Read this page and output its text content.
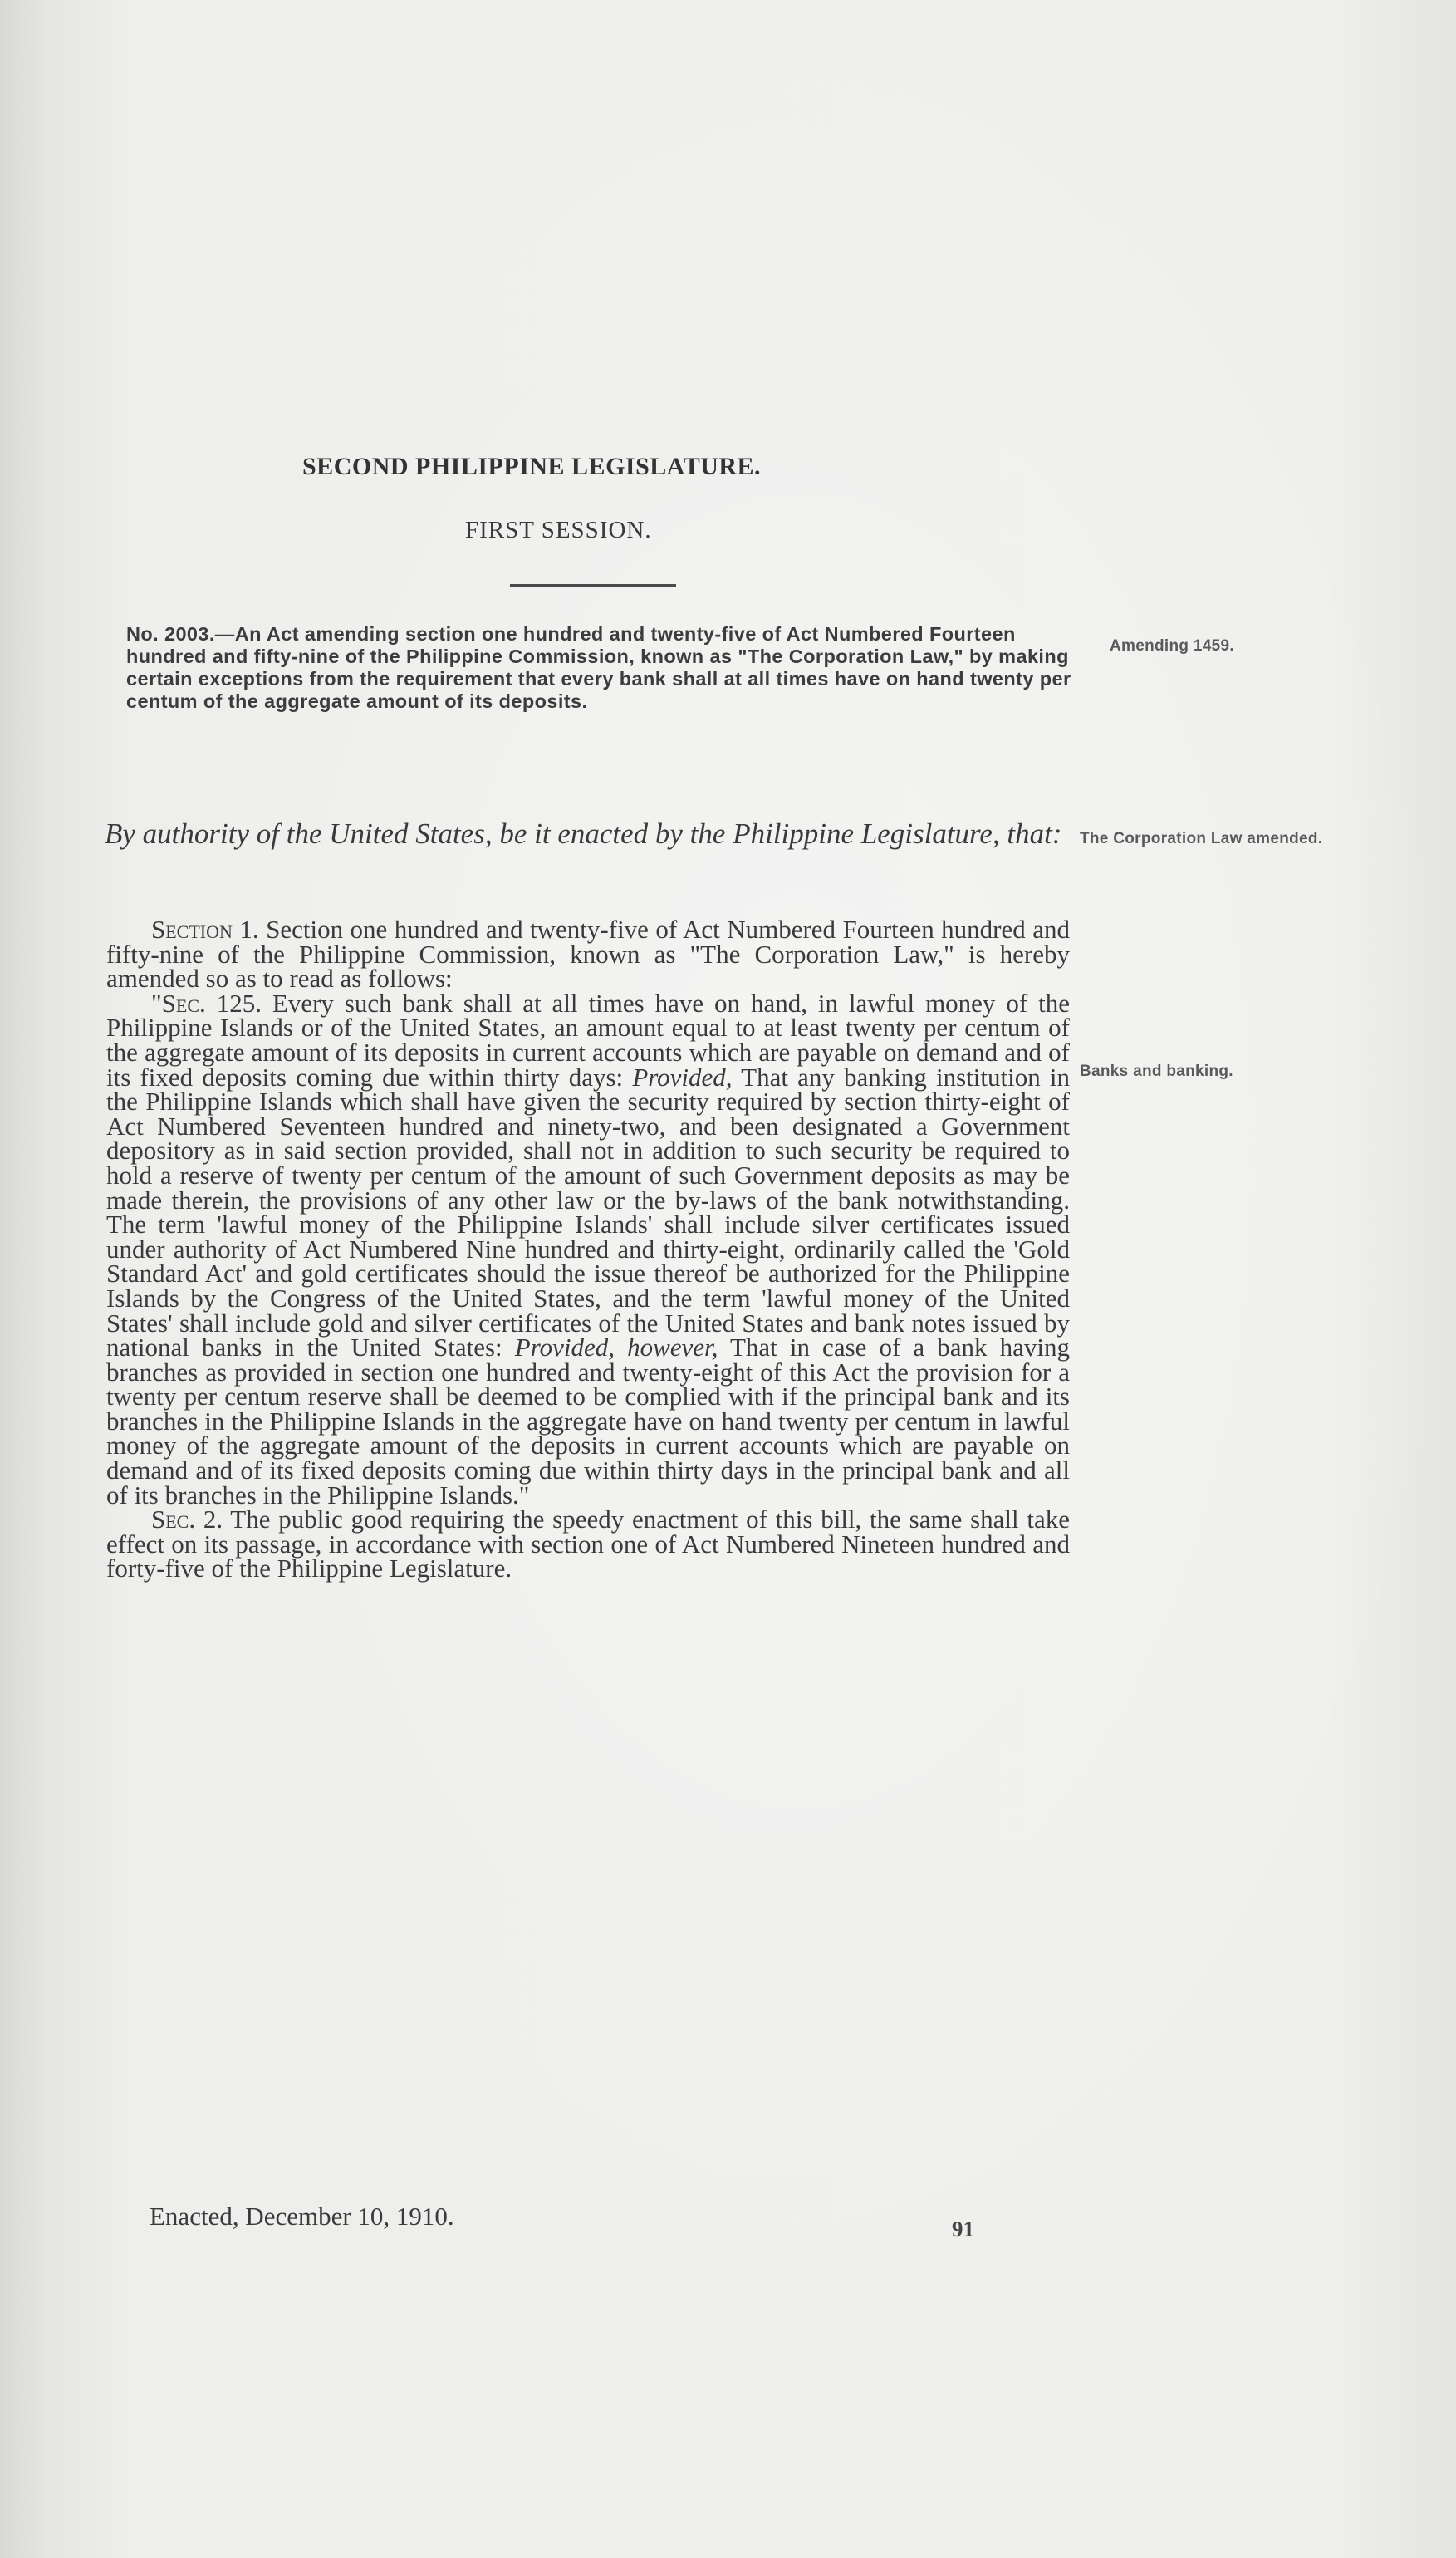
SECOND PHILIPPINE LEGISLATURE.
FIRST SESSION.
No. 2003.—An Act amending section one hundred and twenty-five of Act Numbered Fourteen hundred and fifty-nine of the Philippine Commission, known as "The Corporation Law," by making certain exceptions from the requirement that every bank shall at all times have on hand twenty per centum of the aggregate amount of its deposits.
By authority of the United States, be it enacted by the Philippine Legislature, that:

Section 1. Section one hundred and twenty-five of Act Numbered Fourteen hundred and fifty-nine of the Philippine Commission, known as "The Corporation Law," is hereby amended so as to read as follows:

"Sec. 125. Every such bank shall at all times have on hand, in lawful money of the Philippine Islands or of the United States, an amount equal to at least twenty per centum of the aggregate amount of its deposits in current accounts which are payable on demand and of its fixed deposits coming due within thirty days: Provided, That any banking institution in the Philippine Islands which shall have given the security required by section thirty-eight of Act Numbered Seventeen hundred and ninety-two, and been designated a Government depository as in said section provided, shall not in addition to such security be required to hold a reserve of twenty per centum of the amount of such Government deposits as may be made therein, the provisions of any other law or the by-laws of the bank notwithstanding. The term 'lawful money of the Philippine Islands' shall include silver certificates issued under authority of Act Numbered Nine hundred and thirty-eight, ordinarily called the 'Gold Standard Act' and gold certificates should the issue thereof be authorized for the Philippine Islands by the Congress of the United States, and the term 'lawful money of the United States' shall include gold and silver certificates of the United States and bank notes issued by national banks in the United States: Provided, however, That in case of a bank having branches as provided in section one hundred and twenty-eight of this Act the provision for a twenty per centum reserve shall be deemed to be complied with if the principal bank and its branches in the Philippine Islands in the aggregate have on hand twenty per centum in lawful money of the aggregate amount of the deposits in current accounts which are payable on demand and of its fixed deposits coming due within thirty days in the principal bank and all of its branches in the Philippine Islands."

Sec. 2. The public good requiring the speedy enactment of this bill, the same shall take effect on its passage, in accordance with section one of Act Numbered Nineteen hundred and forty-five of the Philippine Legislature.

Enacted, December 10, 1910.	91
Amending 1459.
The Corporation Law amended.
Banks and banking.
